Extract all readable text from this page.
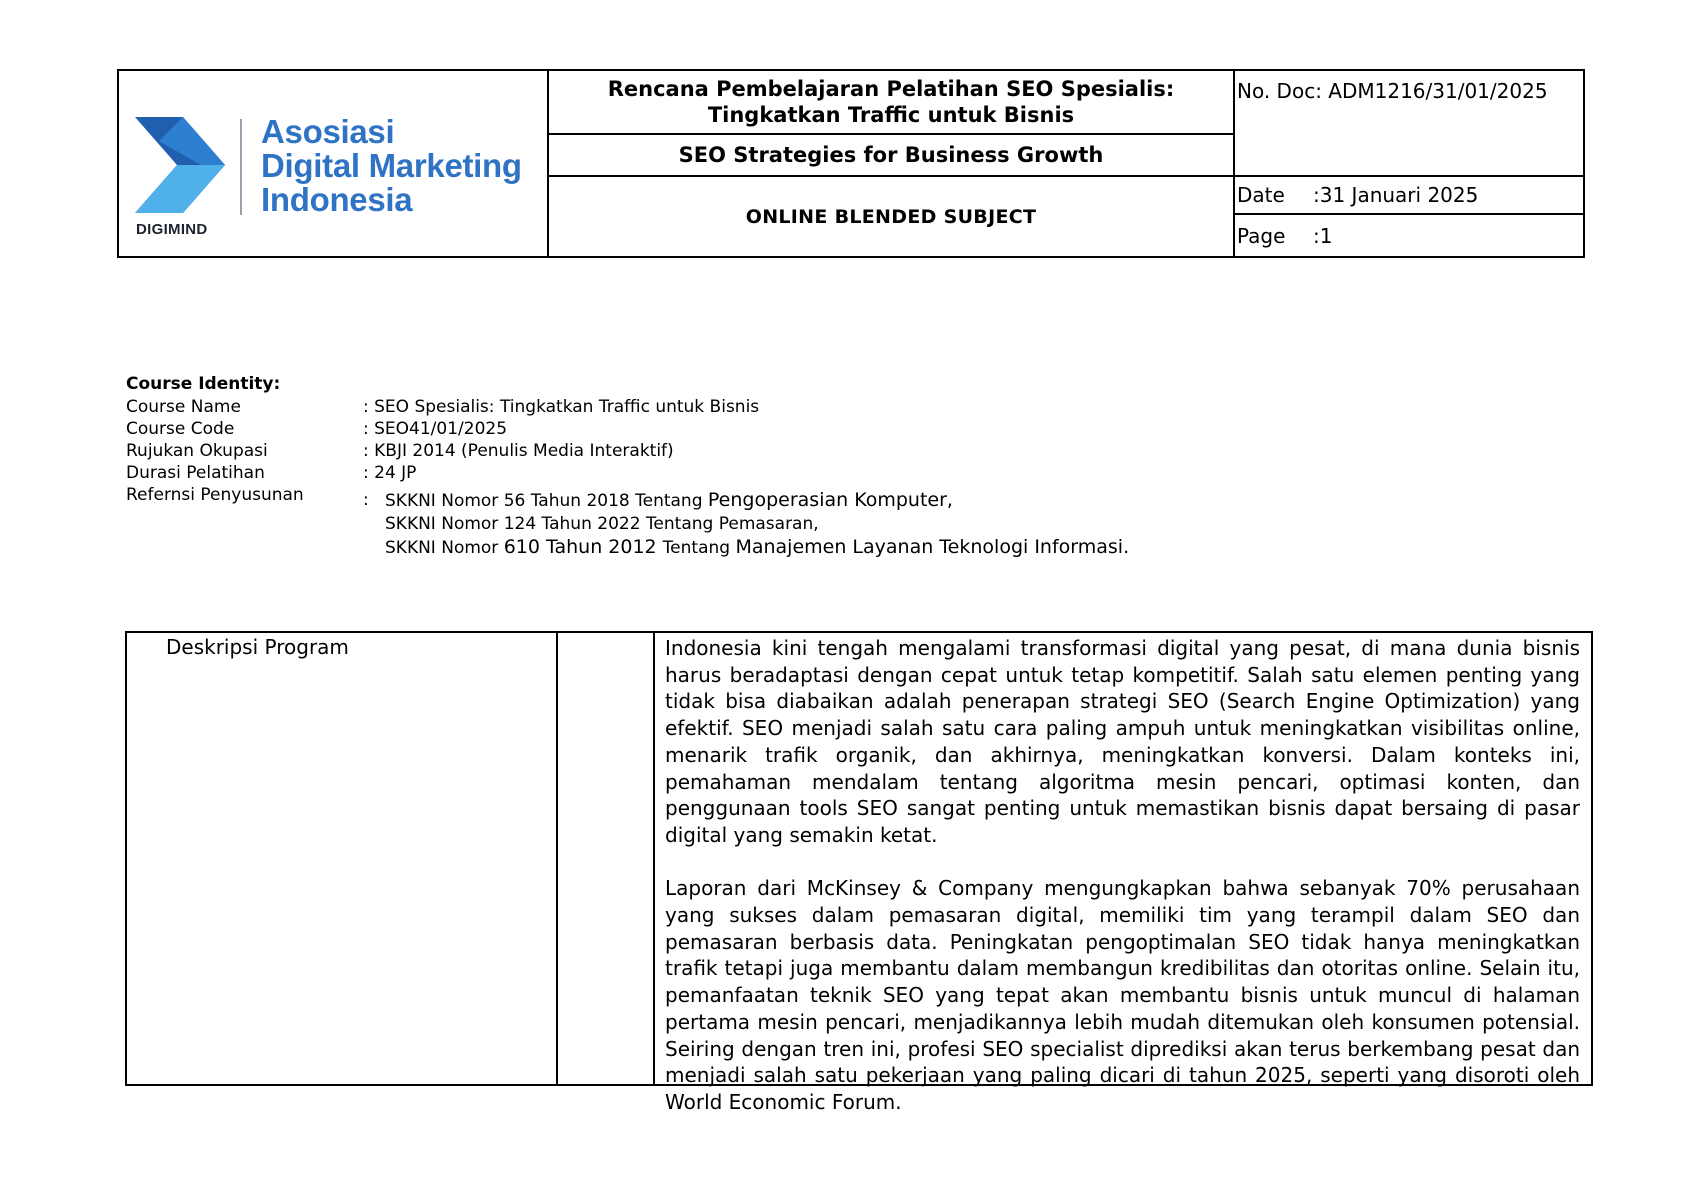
Asosiasi
Digital Marketing
Indonesia
DIGIMIND
Rencana Pembelajaran Pelatihan SEO Spesialis: Tingkatkan Traffic untuk Bisnis
SEO Strategies for Business Growth
ONLINE BLENDED SUBJECT
No. Doc: ADM1216/31/01/2025
Date	:31 Januari 2025
Page	:1
Course Identity:
Course Name	: SEO Spesialis: Tingkatkan Traffic untuk Bisnis
Course Code	: SEO41/01/2025
Rujukan Okupasi	: KBJI 2014 (Penulis Media Interaktif)
Durasi Pelatihan	: 24 JP
Refernsi Penyusunan	: SKKNI Nomor 56 Tahun 2018 Tentang Pengoperasian Komputer,
SKKNI Nomor 124 Tahun 2022 Tentang Pemasaran,
SKKNI Nomor 610 Tahun 2012 Tentang Manajemen Layanan Teknologi Informasi.
Deskripsi Program	Indonesia kini tengah mengalami transformasi digital yang pesat, di mana dunia bisnis harus beradaptasi dengan cepat untuk tetap kompetitif. Salah satu elemen penting yang tidak bisa diabaikan adalah penerapan strategi SEO (Search Engine Optimization) yang efektif. SEO menjadi salah satu cara paling ampuh untuk meningkatkan visibilitas online, menarik trafik organik, dan akhirnya, meningkatkan konversi. Dalam konteks ini, pemahaman mendalam tentang algoritma mesin pencari, optimasi konten, dan penggunaan tools SEO sangat penting untuk memastikan bisnis dapat bersaing di pasar digital yang semakin ketat.

Laporan dari McKinsey & Company mengungkapkan bahwa sebanyak 70% perusahaan yang sukses dalam pemasaran digital, memiliki tim yang terampil dalam SEO dan pemasaran berbasis data. Peningkatan pengoptimalan SEO tidak hanya meningkatkan trafik tetapi juga membantu dalam membangun kredibilitas dan otoritas online. Selain itu, pemanfaatan teknik SEO yang tepat akan membantu bisnis untuk muncul di halaman pertama mesin pencari, menjadikannya lebih mudah ditemukan oleh konsumen potensial. Seiring dengan tren ini, profesi SEO specialist diprediksi akan terus berkembang pesat dan menjadi salah satu pekerjaan yang paling dicari di tahun 2025, seperti yang disoroti oleh World Economic Forum.
